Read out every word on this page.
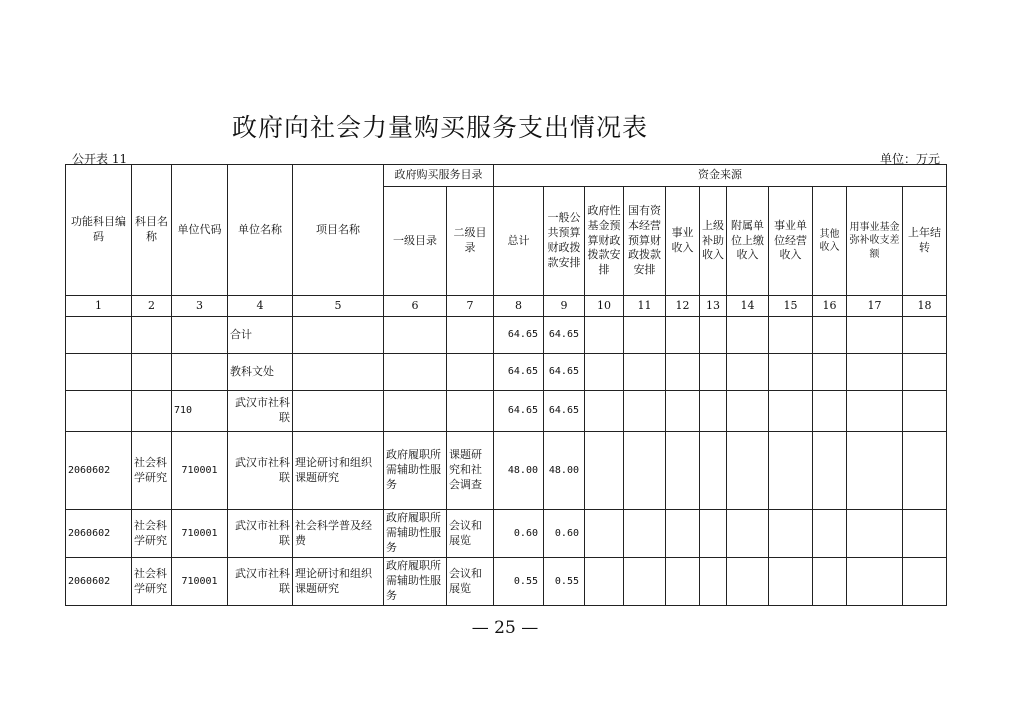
政府向社会力量购买服务支出情况表
公开表 11	单位：万元
功能科目编码	科目名称	单位代码	单位名称	项目名称	政府购买服务目录		资金来源										
					一级目录	二级目录	总计	一般公共预算财政拨款安排	政府性基金预算财政拨款安排	国有资本经营预算财政拨款安排	事业收入	上级补助收入	附属单位上缴收入	事业单位经营收入	其他收入	用事业基金弥补收支差额	上年结转
1	2	3	4	5	6	7	8	9	10	11	12	13	14	15	16	17	18
			合计				64.65	64.65									
			教科文处				64.65	64.65									
		710	武汉市社科联				64.65	64.65									
2060602	社会科学研究	710001	武汉市社科联	理论研讨和组织课题研究	政府履职所需辅助性服务	课题研究和社会调查	48.00	48.00									
2060602	社会科学研究	710001	武汉市社科联	社会科学普及经费	政府履职所需辅助性服务	会议和展览	0.60	0.60									
2060602	社会科学研究	710001	武汉市社科联	理论研讨和组织课题研究	政府履职所需辅助性服务	会议和展览	0.55	0.55									
— 25 —
